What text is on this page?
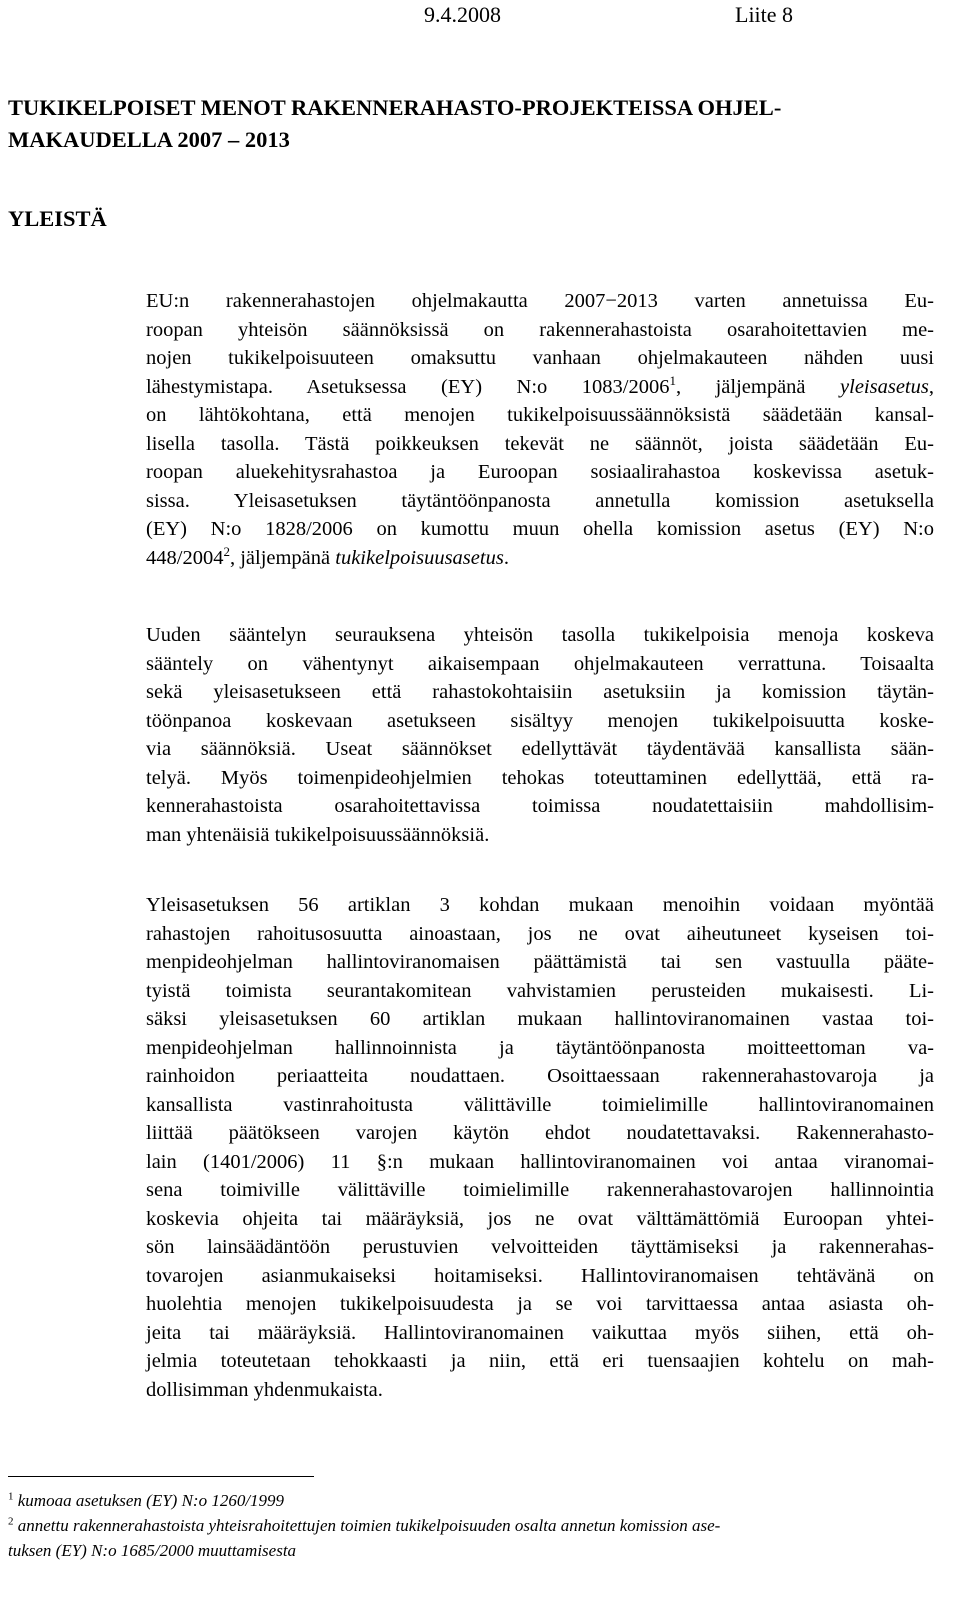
9.4.2008	Liite 8
TUKIKELPOISET MENOT RAKENNERAHASTO-PROJEKTEISSA OHJEL-
MAKAUDELLA 2007 – 2013
YLEISTÄ
EU:n rakennerahastojen ohjelmakautta 2007−2013 varten annetuissa Eu-
roopan yhteisön säännöksissä on rakennerahastoista osarahoitettavien me-
nojen tukikelpoisuuteen omaksuttu vanhaan ohjelmakauteen nähden uusi
lähestymistapa. Asetuksessa (EY) N:o 1083/2006$^1$, jäljempänä yleisasetus,
on lähtökohtana, että menojen tukikelpoisuussäännöksistä säädetään kansal-
lisella tasolla. Tästä poikkeuksen tekevät ne säännöt, joista säädetään Eu-
roopan aluekehitysrahastoa ja Euroopan sosiaalirahastoa koskevissa asetuk-
sissa. Yleisasetuksen täytäntöönpanosta annetulla komission asetuksella
(EY) N:o 1828/2006 on kumottu muun ohella komission asetus (EY) N:o
448/2004$^2$, jäljempänä tukikelpoisuusasetus.
Uuden sääntelyn seurauksena yhteisön tasolla tukikelpoisia menoja koskeva
sääntely on vähentynyt aikaisempaan ohjelmakauteen verrattuna. Toisaalta
sekä yleisasetukseen että rahastokohtaisiin asetuksiin ja komission täytän-
töönpanoa koskevaan asetukseen sisältyy menojen tukikelpoisuutta koske-
via säännöksiä. Useat säännökset edellyttävät täydentävää kansallista sään-
telyä. Myös toimenpideohjelmien tehokas toteuttaminen edellyttää, että ra-
kennerahastoista osarahoitettavissa toimissa noudatettaisiin mahdollisim-
man yhtenäisiä tukikelpoisuussäännöksiä.
Yleisasetuksen 56 artiklan 3 kohdan mukaan menoihin voidaan myöntää
rahastojen rahoitusosuutta ainoastaan, jos ne ovat aiheutuneet kyseisen toi-
menpideohjelman hallintoviranomaisen päättämistä tai sen vastuulla pääte-
tyistä toimista seurantakomitean vahvistamien perusteiden mukaisesti. Li-
säksi yleisasetuksen 60 artiklan mukaan hallintoviranomainen vastaa toi-
menpideohjelman hallinnoinnista ja täytäntöönpanosta moitteettoman va-
rainhoidon periaatteita noudattaen. Osoittaessaan rakennerahastovaroja ja
kansallista vastinrahoitusta välittäville toimielimille hallintoviranomainen
liittää päätökseen varojen käytön ehdot noudatettavaksi. Rakennerahasto-
lain (1401/2006) 11 §:n mukaan hallintoviranomainen voi antaa viranomai-
sena toimiville välittäville toimielimille rakennerahastovarojen hallinnointia
koskevia ohjeita tai määräyksiä, jos ne ovat välttämättömiä Euroopan yhtei-
sön lainsäädäntöön perustuvien velvoitteiden täyttämiseksi ja rakennerahas-
tovarojen asianmukaiseksi hoitamiseksi. Hallintoviranomaisen tehtävänä on
huolehtia menojen tukikelpoisuudesta ja se voi tarvittaessa antaa asiasta oh-
jeita tai määräyksiä. Hallintoviranomainen vaikuttaa myös siihen, että oh-
jelmia toteutetaan tehokkaasti ja niin, että eri tuensaajien kohtelu on mah-
dollisimman yhdenmukaista.
$^1$ kumoaa asetuksen (EY) N:o 1260/1999
$^2$ annettu rakennerahastoista yhteisrahoitettujen toimien tukikelpoisuuden osalta annetun komission ase-
tuksen (EY) N:o 1685/2000 muuttamisesta
